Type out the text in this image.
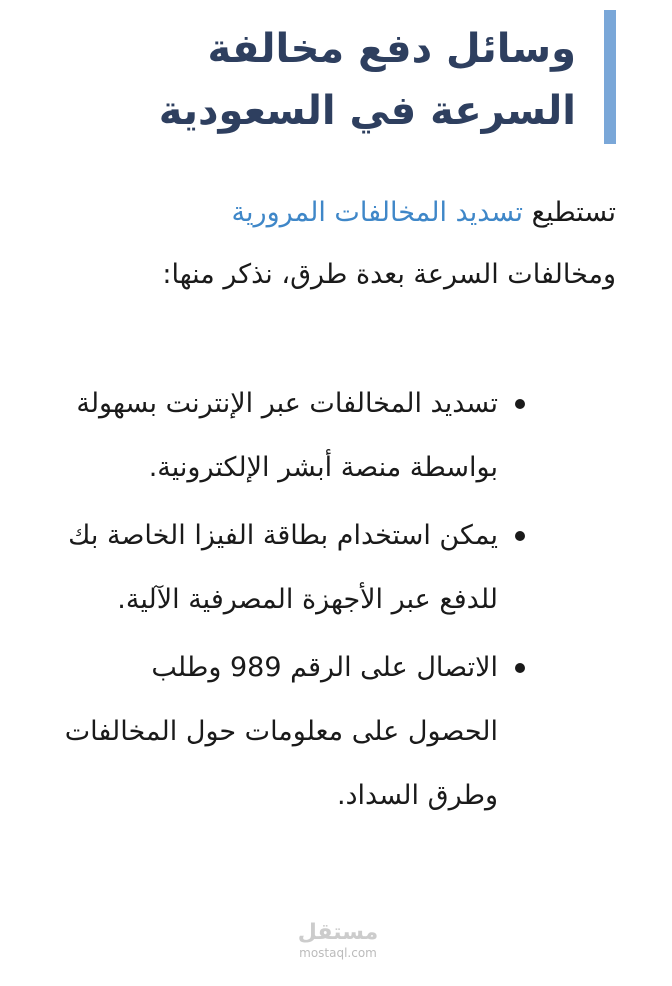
وسائل دفع مخالفة
السرعة في السعودية

تستطيع تسديد المخالفات المرورية
ومخالفات السرعة بعدة طرق، نذكر منها:

تسديد المخالفات عبر الإنترنت بسهولة بواسطة منصة أبشر الإلكترونية.
يمكن استخدام بطاقة الفيزا الخاصة بك للدفع عبر الأجهزة المصرفية الآلية.
الاتصال على الرقم 989 وطلب الحصول على معلومات حول المخالفات وطرق السداد.
مستقل
mostaql.com
